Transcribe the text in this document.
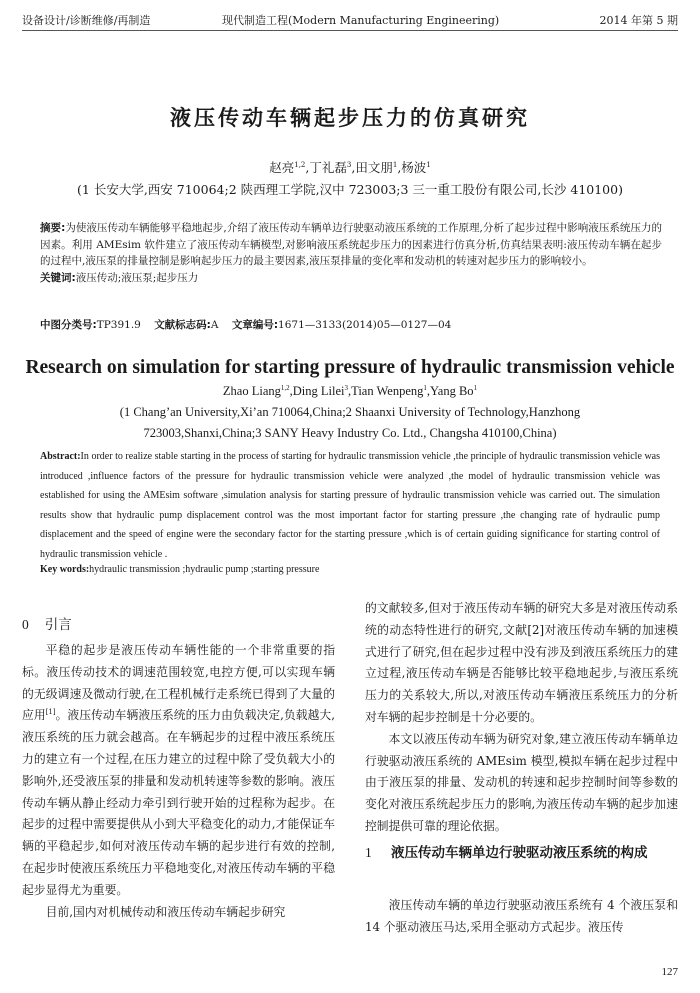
设备设计/诊断维修/再制造	现代制造工程(Modern Manufacturing Engineering)	2014 年第 5 期
液压传动车辆起步压力的仿真研究
赵亮$^{1,2}$,丁礼磊$^3$,田文朋$^1$,杨波$^1$
(1 长安大学,西安 710064;2 陕西理工学院,汉中 723003;3 三一重工股份有限公司,长沙 410100)
摘要:为使液压传动车辆能够平稳地起步,介绍了液压传动车辆单边行驶驱动液压系统的工作原理,分析了起步过程中影响液压系统压力的因素。利用 AMEsim 软件建立了液压传动车辆模型,对影响液压系统起步压力的因素进行仿真分析,仿真结果表明:液压传动车辆在起步的过程中,液压泵的排量控制是影响起步压力的最主要因素,液压泵排量的变化率和发动机的转速对起步压力的影响较小。
关键词:液压传动;液压泵;起步压力
中图分类号:TP391.9 文献标志码:A 文章编号:1671—3133(2014)05—0127—04
Research on simulation for starting pressure of hydraulic transmission vehicle
Zhao Liang$^{1,2}$,Ding Lilei$^3$,Tian Wenpeng$^1$,Yang Bo$^1$
(1 Chang’an University,Xi’an 710064,China;2 Shaanxi University of Technology,Hanzhong
723003,Shanxi,China;3 SANY Heavy Industry Co. Ltd., Changsha 410100,China)
Abstract:In order to realize stable starting in the process of starting for hydraulic transmission vehicle ,the principle of hydraulic transmission vehicle was introduced ,influence factors of the pressure for hydraulic transmission vehicle were analyzed ,the model of hydraulic transmission vehicle was established for using the AMEsim software ,simulation analysis for starting pressure of hydraulic transmission vehicle was carried out. The simulation results show that hydraulic pump displacement control was the most important factor for starting pressure ,the changing rate of hydraulic pump displacement and the speed of engine were the secondary factor for the starting pressure ,which is of certain guiding significance for starting control of hydraulic transmission vehicle .
Key words:hydraulic transmission ;hydraulic pump ;starting pressure
0 引言

平稳的起步是液压传动车辆性能的一个非常重要的指标。液压传动技术的调速范围较宽,电控方便,可以实现车辆的无级调速及微动行驶,在工程机械行走系统已得到了大量的应用[1]。液压传动车辆液压系统的压力由负载决定,负载越大,液压系统的压力就会越高。在车辆起步的过程中液压系统压力的建立有一个过程,在压力建立的过程中除了受负载大小的影响外,还受液压泵的排量和发动机转速等参数的影响。液压传动车辆从静止经动力牵引到行驶开始的过程称为起步。在起步的过程中需要提供从小到大平稳变化的动力,才能保证车辆的平稳起步,如何对液压传动车辆的起步进行有效的控制,在起步时使液压系统压力平稳地变化,对液压传动车辆的平稳起步显得尤为重要。

目前,国内对机械传动和液压传动车辆起步研究

的文献较多,但对于液压传动车辆的研究大多是对液压传动系统的动态特性进行的研究,文献[2]对液压传动车辆的加速模式进行了研究,但在起步过程中没有涉及到液压系统压力的建立过程,液压传动车辆是否能够比较平稳地起步,与液压系统压力的关系较大,所以,对液压传动车辆液压系统压力的分析对车辆的起步控制是十分必要的。

本文以液压传动车辆为研究对象,建立液压传动车辆单边行驶驱动液压系统的 AMEsim 模型,模拟车辆在起步过程中由于液压泵的排量、发动机的转速和起步控制时间等参数的变化对液压系统起步压力的影响,为液压传动车辆的起步加速控制提供可靠的理论依据。

1	液压传动车辆单边行驶驱动液压系统的构成

液压传动车辆的单边行驶驱动液压系统有 4 个液压泵和 14 个驱动液压马达,采用全驱动方式起步。液压传

127
